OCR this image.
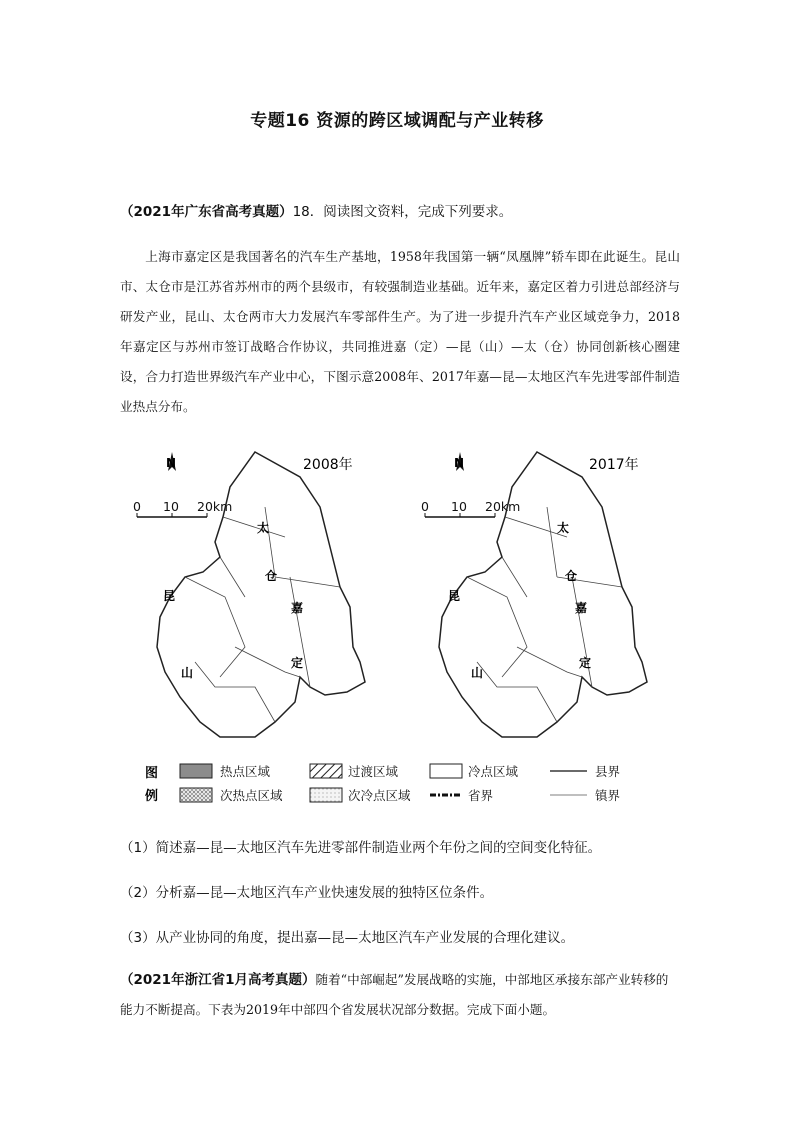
专题16 资源的跨区域调配与产业转移
（2021年广东省高考真题）18．阅读图文资料，完成下列要求。

上海市嘉定区是我国著名的汽车生产基地，1958年我国第一辆“凤凰牌”轿车即在此诞生。昆山市、太仓市是江苏省苏州市的两个县级市，有较强制造业基础。近年来，嘉定区着力引进总部经济与研发产业，昆山、太仓两市大力发展汽车零部件生产。为了进一步提升汽车产业区域竞争力，2018年嘉定区与苏州市签订战略合作协议，共同推进嘉（定）—昆（山）—太（仓）协同创新核心圈建设，合力打造世界级汽车产业中心，下图示意2008年、2017年嘉—昆—太地区汽车先进零部件制造业热点分布。

N
0 10 20km
N
0 10 20km
2008年	2017年
太
仓
嘉
定
昆
山
太
仓
嘉
定
昆
山
图
例
热点区域	过渡区域	冷点区域	县界
次热点区域	次冷点区域	省界	镇界
（1）简述嘉—昆—太地区汽车先进零部件制造业两个年份之间的空间变化特征。
（2）分析嘉—昆—太地区汽车产业快速发展的独特区位条件。
（3）从产业协同的角度，提出嘉—昆—太地区汽车产业发展的合理化建议。
（2021年浙江省1月高考真题）随着“中部崛起”发展战略的实施，中部地区承接东部产业转移的能力不断提高。下表为2019年中部四个省发展状况部分数据。完成下面小题。
